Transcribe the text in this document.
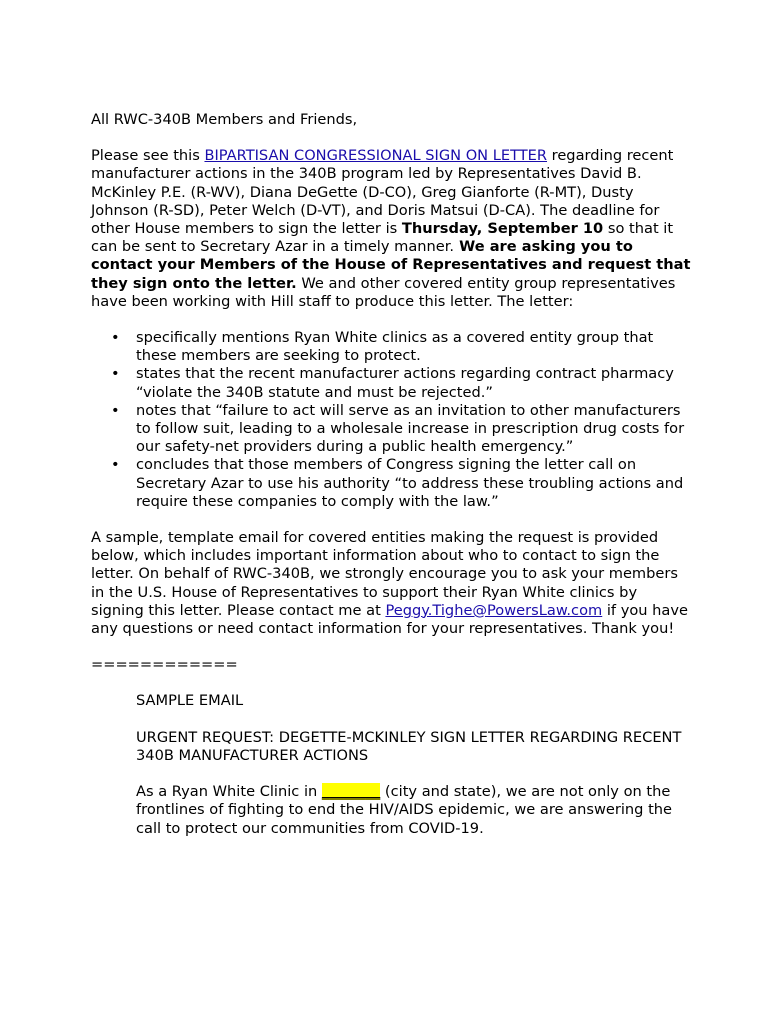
All RWC-340B Members and Friends,

Please see this BIPARTISAN CONGRESSIONAL SIGN ON LETTER regarding recent manufacturer actions in the 340B program led by Representatives David B. McKinley P.E. (R-WV), Diana DeGette (D-CO), Greg Gianforte (R-MT), Dusty Johnson (R-SD), Peter Welch (D-VT), and Doris Matsui (D-CA). The deadline for other House members to sign the letter is Thursday, September 10 so that it can be sent to Secretary Azar in a timely manner. We are asking you to contact your Members of the House of Representatives and request that they sign onto the letter. We and other covered entity group representatives have been working with Hill staff to produce this letter. The letter:

• specifically mentions Ryan White clinics as a covered entity group that these members are seeking to protect.
• states that the recent manufacturer actions regarding contract pharmacy “violate the 340B statute and must be rejected.”
• notes that “failure to act will serve as an invitation to other manufacturers to follow suit, leading to a wholesale increase in prescription drug costs for our safety-net providers during a public health emergency.”
• concludes that those members of Congress signing the letter call on Secretary Azar to use his authority “to address these troubling actions and require these companies to comply with the law.”

A sample, template email for covered entities making the request is provided below, which includes important information about who to contact to sign the letter. On behalf of RWC-340B, we strongly encourage you to ask your members in the U.S. House of Representatives to support their Ryan White clinics by signing this letter. Please contact me at Peggy.Tighe@PowersLaw.com if you have any questions or need contact information for your representatives. Thank you!

============

SAMPLE EMAIL

URGENT REQUEST: DEGETTE-MCKINLEY SIGN LETTER REGARDING RECENT 340B MANUFACTURER ACTIONS

As a Ryan White Clinic in ________ (city and state), we are not only on the frontlines of fighting to end the HIV/AIDS epidemic, we are answering the call to protect our communities from COVID-19.
